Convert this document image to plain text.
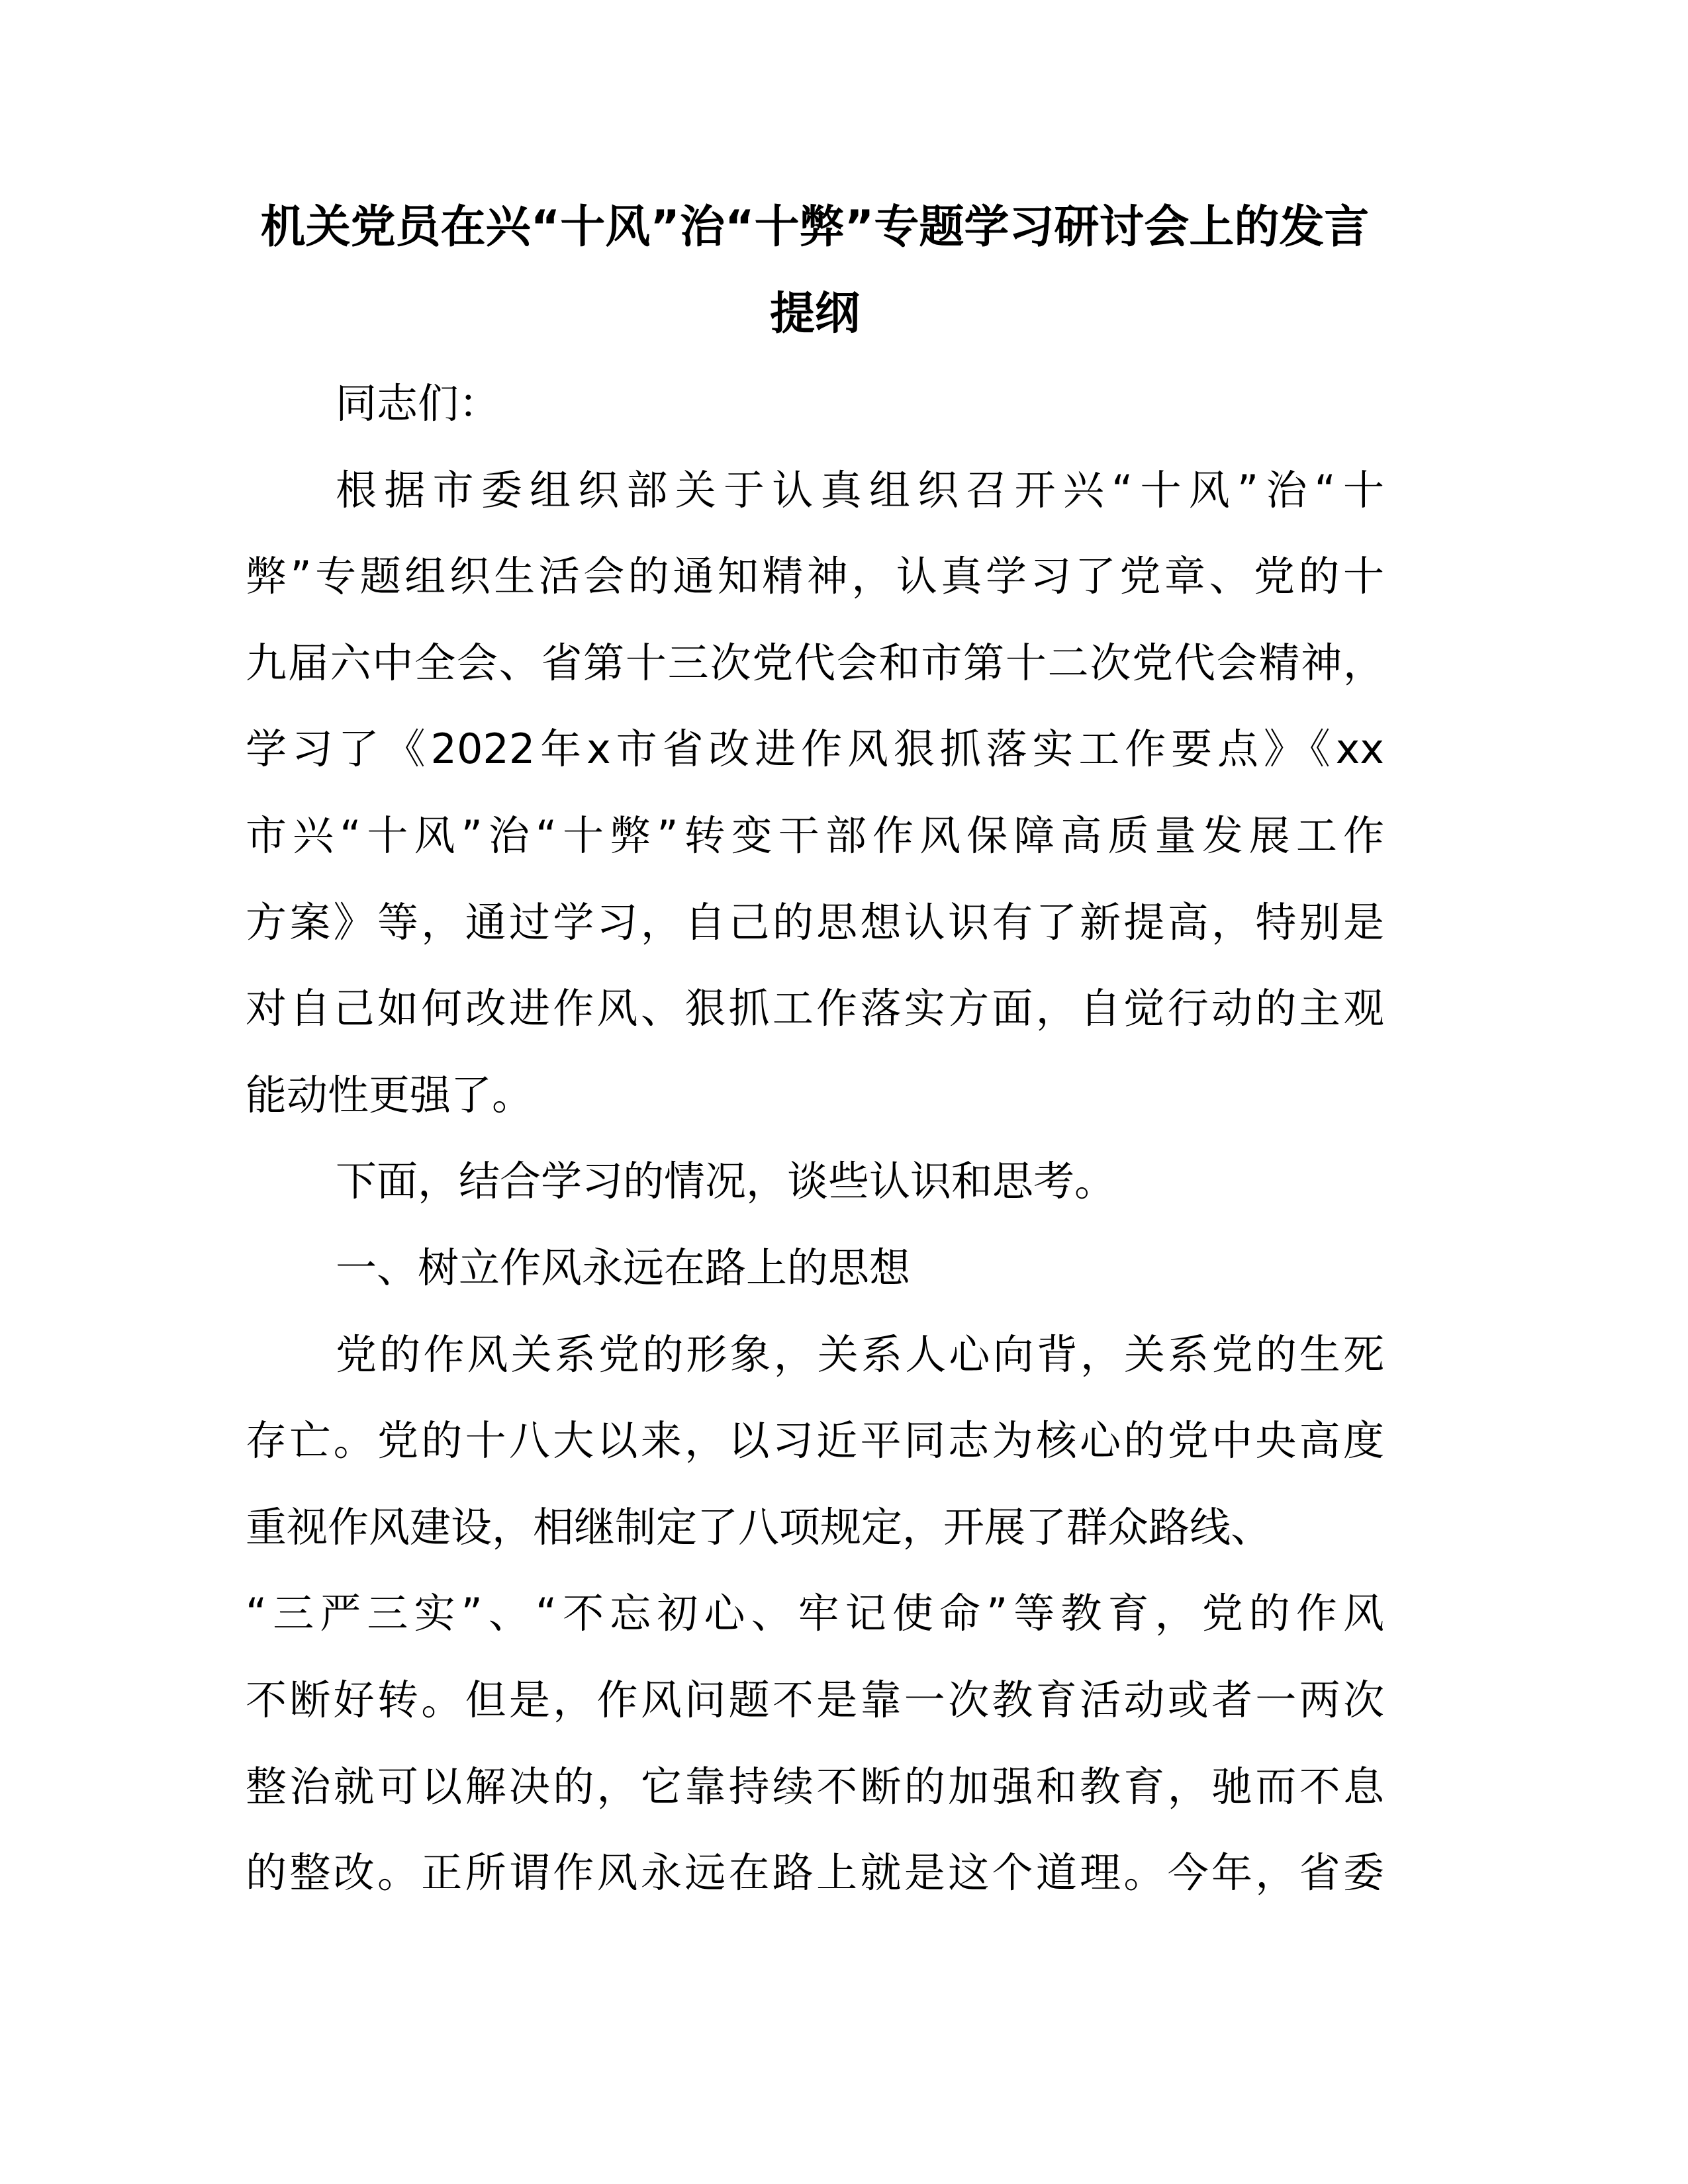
机关党员在兴“十风”治“十弊”专题学习研讨会上的发言
提纲
同志们：
根据市委组织部关于认真组织召开兴“十风”治“十
弊”专题组织生活会的通知精神，认真学习了党章、党的十
九届六中全会、省第十三次党代会和市第十二次党代会精神，
学习了《2022年x市省改进作风狠抓落实工作要点》《xx
市兴“十风”治“十弊”转变干部作风保障高质量发展工作
方案》等，通过学习，自己的思想认识有了新提高，特别是
对自己如何改进作风、狠抓工作落实方面，自觉行动的主观
能动性更强了。
下面，结合学习的情况，谈些认识和思考。
一、树立作风永远在路上的思想
党的作风关系党的形象，关系人心向背，关系党的生死
存亡。党的十八大以来，以习近平同志为核心的党中央高度
重视作风建设，相继制定了八项规定，开展了群众路线、
“三严三实”、“不忘初心、牢记使命”等教育，党的作风
不断好转。但是，作风问题不是靠一次教育活动或者一两次
整治就可以解决的，它靠持续不断的加强和教育，驰而不息
的整改。正所谓作风永远在路上就是这个道理。今年，省委
